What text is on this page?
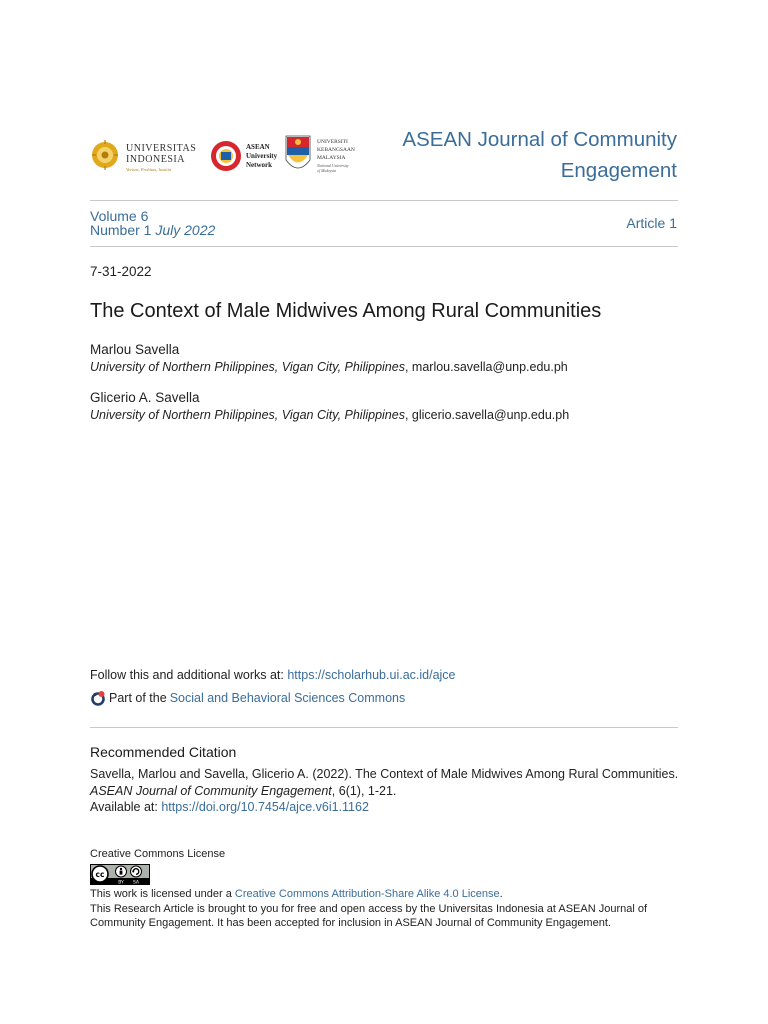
UNIVERSITAS
INDONESIA
Veritas, Probitas, Iustitia
ASEAN
University
Network
UNIVERSITI
KEBANGSAAN
MALAYSIA
National University
of Malaysia
ASEAN Journal of Community
Engagement
Volume 6
Number 1 July 2022	Article 1
7-31-2022
The Context of Male Midwives Among Rural Communities
Marlou Savella
University of Northern Philippines, Vigan City, Philippines, marlou.savella@unp.edu.ph
Glicerio A. Savella
University of Northern Philippines, Vigan City, Philippines, glicerio.savella@unp.edu.ph
Follow this and additional works at: https://scholarhub.ui.ac.id/ajce
Part of the Social and Behavioral Sciences Commons
Recommended Citation
Savella, Marlou and Savella, Glicerio A. (2022). The Context of Male Midwives Among Rural Communities.
ASEAN Journal of Community Engagement, 6(1), 1-21.
Available at: https://doi.org/10.7454/ajce.v6i1.1162
Creative Commons License
cc
BY SA
This work is licensed under a Creative Commons Attribution-Share Alike 4.0 License.
This Research Article is brought to you for free and open access by the Universitas Indonesia at ASEAN Journal of
Community Engagement. It has been accepted for inclusion in ASEAN Journal of Community Engagement.
